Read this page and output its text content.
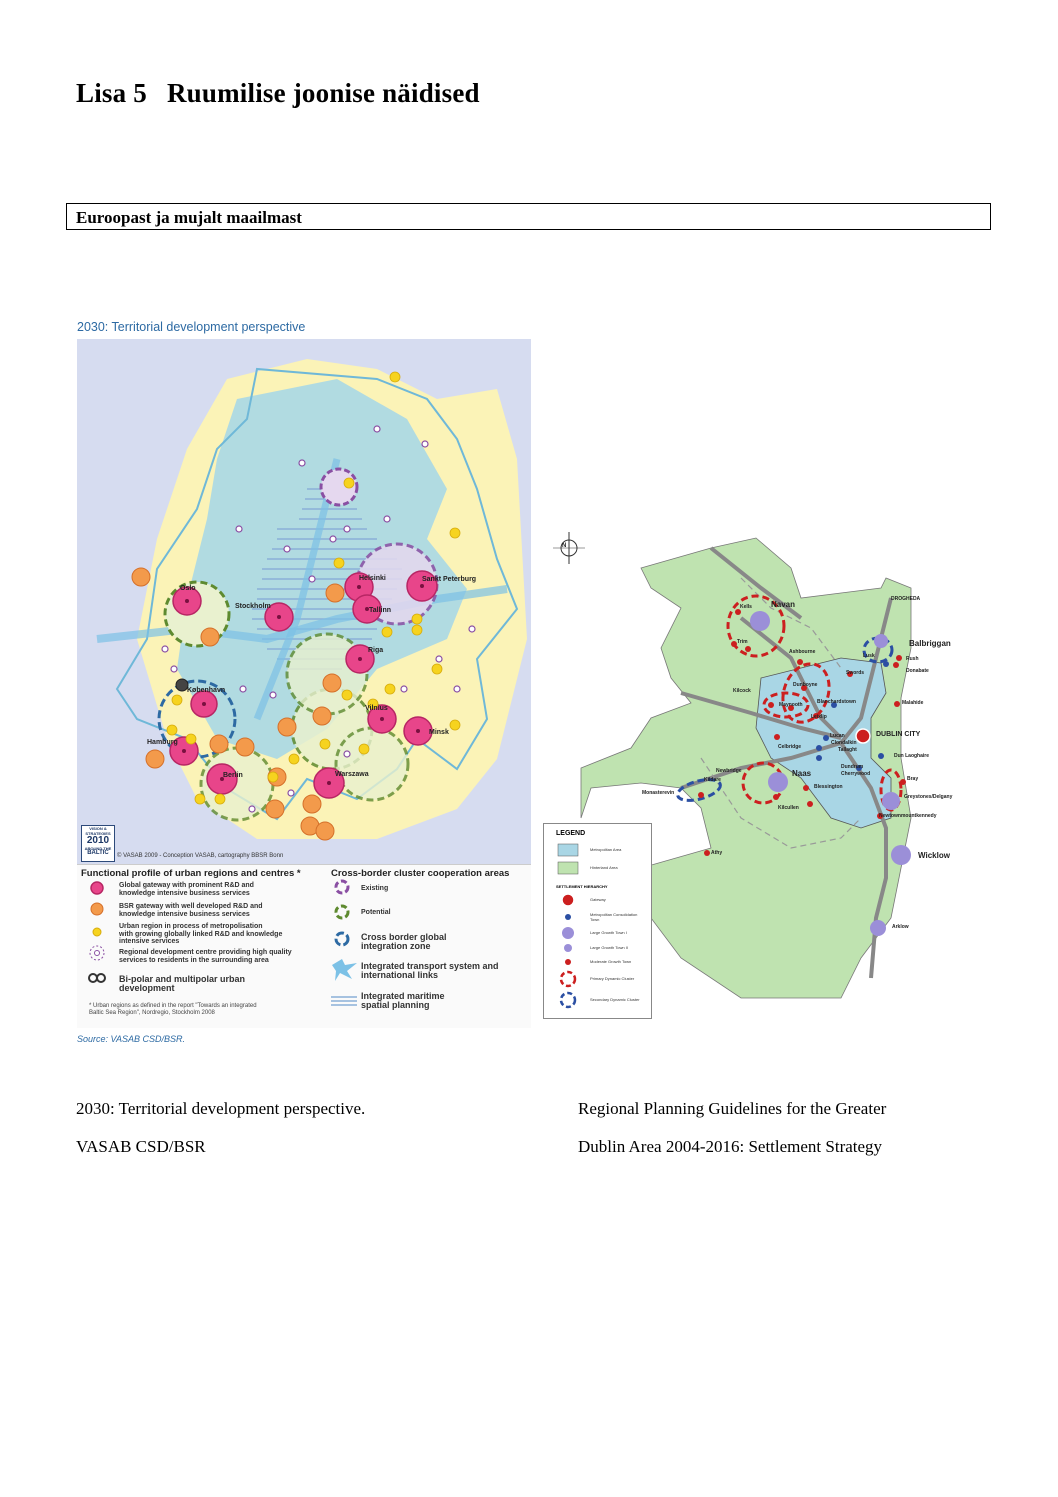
Lisa 5 Ruumilise joonise näidised
Euroopast ja mujalt maailmast
2030: Territorial development perspective
Oslo
Stockholm
Helsinki	Sankt Peterburg
Tallinn
Riga
København
Vilnius
Minsk
Hamburg
Berlin	Warszawa
VISION & STRATEGIES
2010
AROUND THE
BALTIC	© VASAB 2009 - Conception VASAB, cartography BBSR Bonn
Functional profile of urban regions and centres *
Global gateway with prominent R&D and
knowledge intensive business services
BSR gateway with well developed R&D and
knowledge intensive business services
Urban region in process of metropolisation
with growing globally linked R&D and knowledge
intensive services
Regional development centre providing high quality
services to residents in the surrounding area
Bi-polar and multipolar urban
development
* Urban regions as defined in the report "Towards an integrated
Baltic Sea Region", Nordregio, Stockholm 2008
Cross-border cluster cooperation areas
Existing
Potential
Cross border global
integration zone
Integrated transport system and
international links
Integrated maritime
spatial planning
Source: VASAB CSD/BSR.
N
Navan
Kells
Trim	Balbriggan
Lusk	Rush
Donabate
Swords
Ashbourne
Dunboyne
Kilcock
Maynooth
Leixlip
Blanchardstown	Malahide
DUBLIN CITY
Lucan
Clondalkin
Tallaght
Celbridge
Dun Laoghaire
Newbridge
Kildare
Naas
Dundrum
Cherrywood
Bray
Monasterevin
Blessington
Greystones/Delgany
Kilcullen
Newtownmountkennedy
Athy	Wicklow
Arklow
DROGHEDA
LEGEND
Metropolitan Area
Hinterland Area
SETTLEMENT HIERARCHY
Gateway
Metropolitan Consolidation
Town
Large Growth Town I
Large Growth Town II
Moderate Growth Town
Primary Dynamic Cluster
Secondary Dynamic Cluster
2030: Territorial development perspective.
VASAB CSD/BSR
Regional Planning Guidelines for the Greater
Dublin Area 2004-2016: Settlement Strategy
